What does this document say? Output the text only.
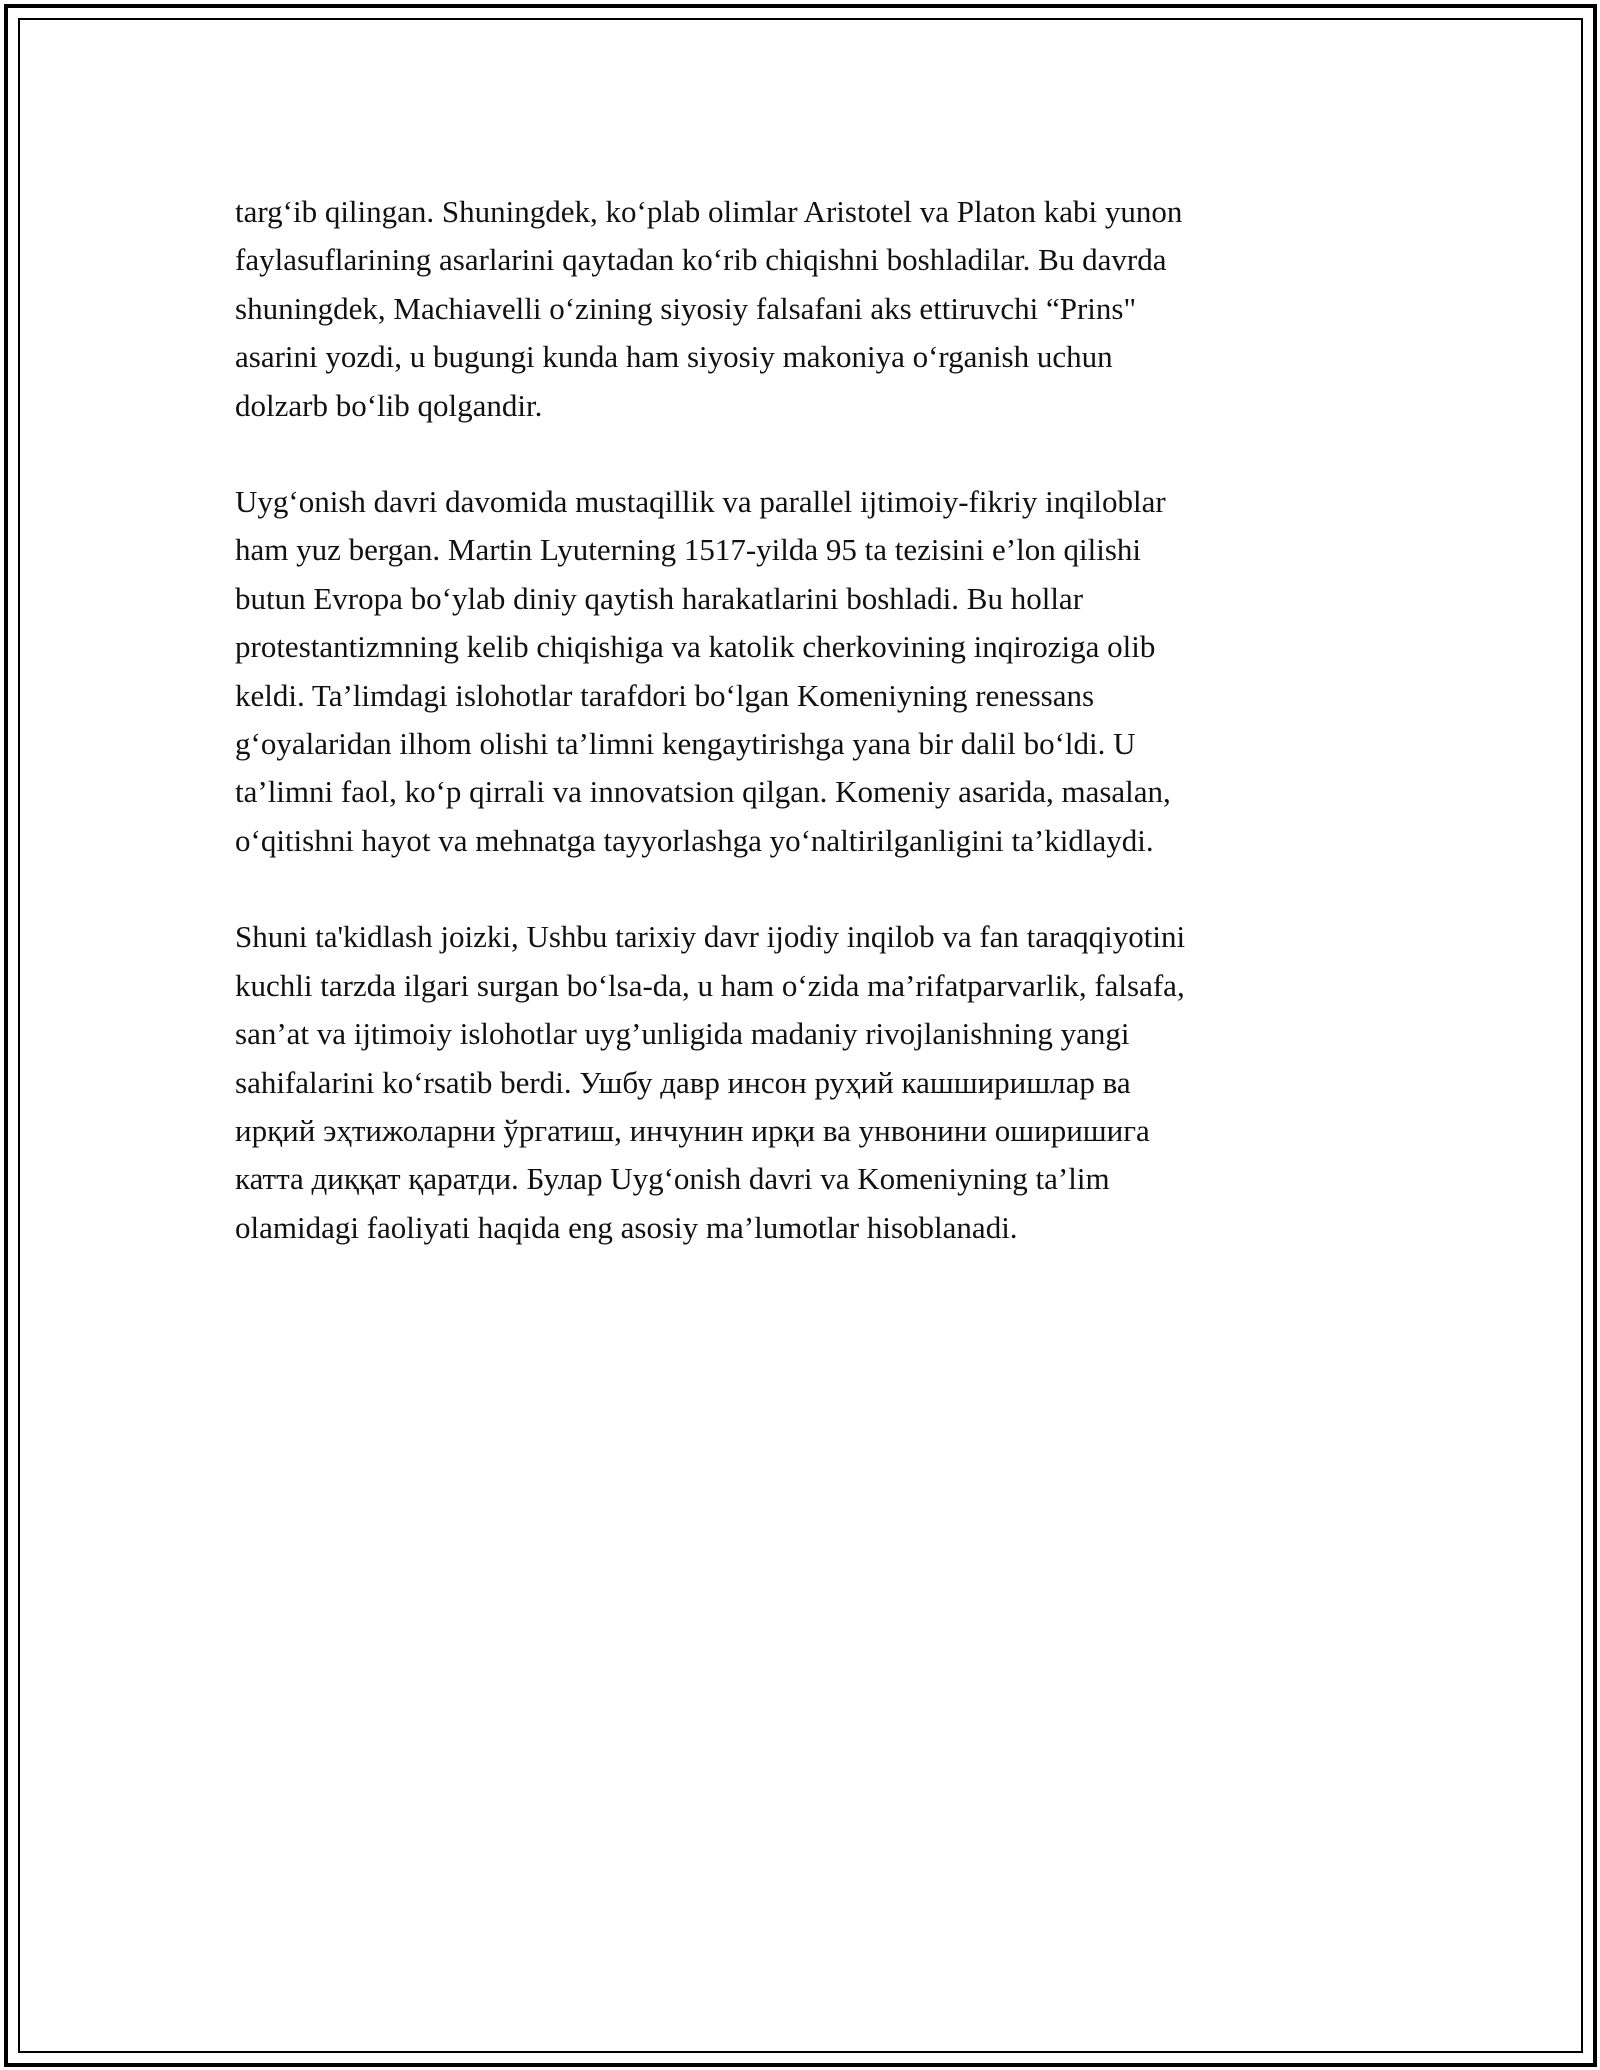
targ‘ib qilingan. Shuningdek, ko‘plab olimlar Aristotel va Platon kabi yunon
faylasuflarining asarlarini qaytadan ko‘rib chiqishni boshladilar. Bu davrda
shuningdek, Machiavelli o‘zining siyosiy falsafani aks ettiruvchi “Prins"
asarini yozdi, u bugungi kunda ham siyosiy makoniya o‘rganish uchun
dolzarb bo‘lib qolgandir.

Uyg‘onish davri davomida mustaqillik va parallel ijtimoiy-fikriy inqiloblar
ham yuz bergan. Martin Lyuterning 1517-yilda 95 ta tezisini e’lon qilishi
butun Evropa bo‘ylab diniy qaytish harakatlarini boshladi. Bu hollar
protestantizmning kelib chiqishiga va katolik cherkovining inqiroziga olib
keldi. Ta’limdagi islohotlar tarafdori bo‘lgan Komeniyning renessans
g‘oyalaridan ilhom olishi ta’limni kengaytirishga yana bir dalil bo‘ldi. U
ta’limni faol, ko‘p qirrali va innovatsion qilgan. Komeniy asarida, masalan,
o‘qitishni hayot va mehnatga tayyorlashga yo‘naltirilganligini ta’kidlaydi.

Shuni ta'kidlash joizki, Ushbu tarixiy davr ijodiy inqilob va fan taraqqiyotini
kuchli tarzda ilgari surgan bo‘lsa-da, u ham o‘zida ma’rifatparvarlik, falsafa,
san’at va ijtimoiy islohotlar uyg’unligida madaniy rivojlanishning yangi
sahifalarini ko‘rsatib berdi. Ушбу давр инсон руҳий кашширишлар ва
ирқий эҳтижоларни ўргатиш, инчунин ирқи ва унвонини оширишига
катта диққат қаратди. Булар Uyg‘onish davri va Komeniyning ta’lim
olamidagi faoliyati haqida eng asosiy ma’lumotlar hisoblanadi.
